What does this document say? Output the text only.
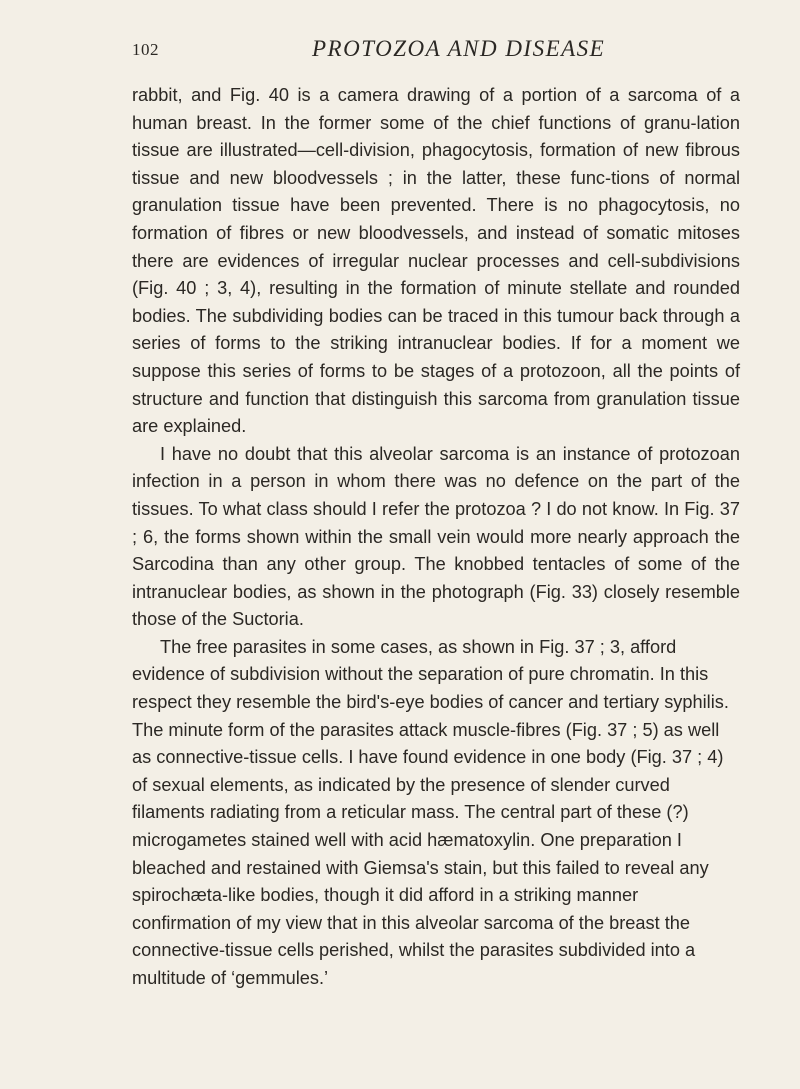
102	PROTOZOA AND DISEASE

rabbit, and Fig. 40 is a camera drawing of a portion of a sarcoma of a human breast. In the former some of the chief functions of granu-lation tissue are illustrated—cell-division, phagocytosis, formation of new fibrous tissue and new bloodvessels ; in the latter, these func-tions of normal granulation tissue have been prevented. There is no phagocytosis, no formation of fibres or new bloodvessels, and instead of somatic mitoses there are evidences of irregular nuclear processes and cell-subdivisions (Fig. 40 ; 3, 4), resulting in the formation of minute stellate and rounded bodies. The subdividing bodies can be traced in this tumour back through a series of forms to the striking intranuclear bodies. If for a moment we suppose this series of forms to be stages of a protozoon, all the points of structure and function that distinguish this sarcoma from granulation tissue are explained.

I have no doubt that this alveolar sarcoma is an instance of protozoan infection in a person in whom there was no defence on the part of the tissues. To what class should I refer the protozoa ? I do not know. In Fig. 37 ; 6, the forms shown within the small vein would more nearly approach the Sarcodina than any other group. The knobbed tentacles of some of the intranuclear bodies, as shown in the photograph (Fig. 33) closely resemble those of the Suctoria.

The free parasites in some cases, as shown in Fig. 37 ; 3, afford evidence of subdivision without the separation of pure chromatin. In this respect they resemble the bird's-eye bodies of cancer and tertiary syphilis. The minute form of the parasites attack muscle-fibres (Fig. 37 ; 5) as well as connective-tissue cells. I have found evidence in one body (Fig. 37 ; 4) of sexual elements, as indicated by the presence of slender curved filaments radiating from a reticular mass. The central part of these (?) microgametes stained well with acid hæmatoxylin. One preparation I bleached and restained with Giemsa's stain, but this failed to reveal any spirochæta-like bodies, though it did afford in a striking manner confirmation of my view that in this alveolar sarcoma of the breast the connective-tissue cells perished, whilst the parasites subdivided into a multitude of ‘gemmules.’
